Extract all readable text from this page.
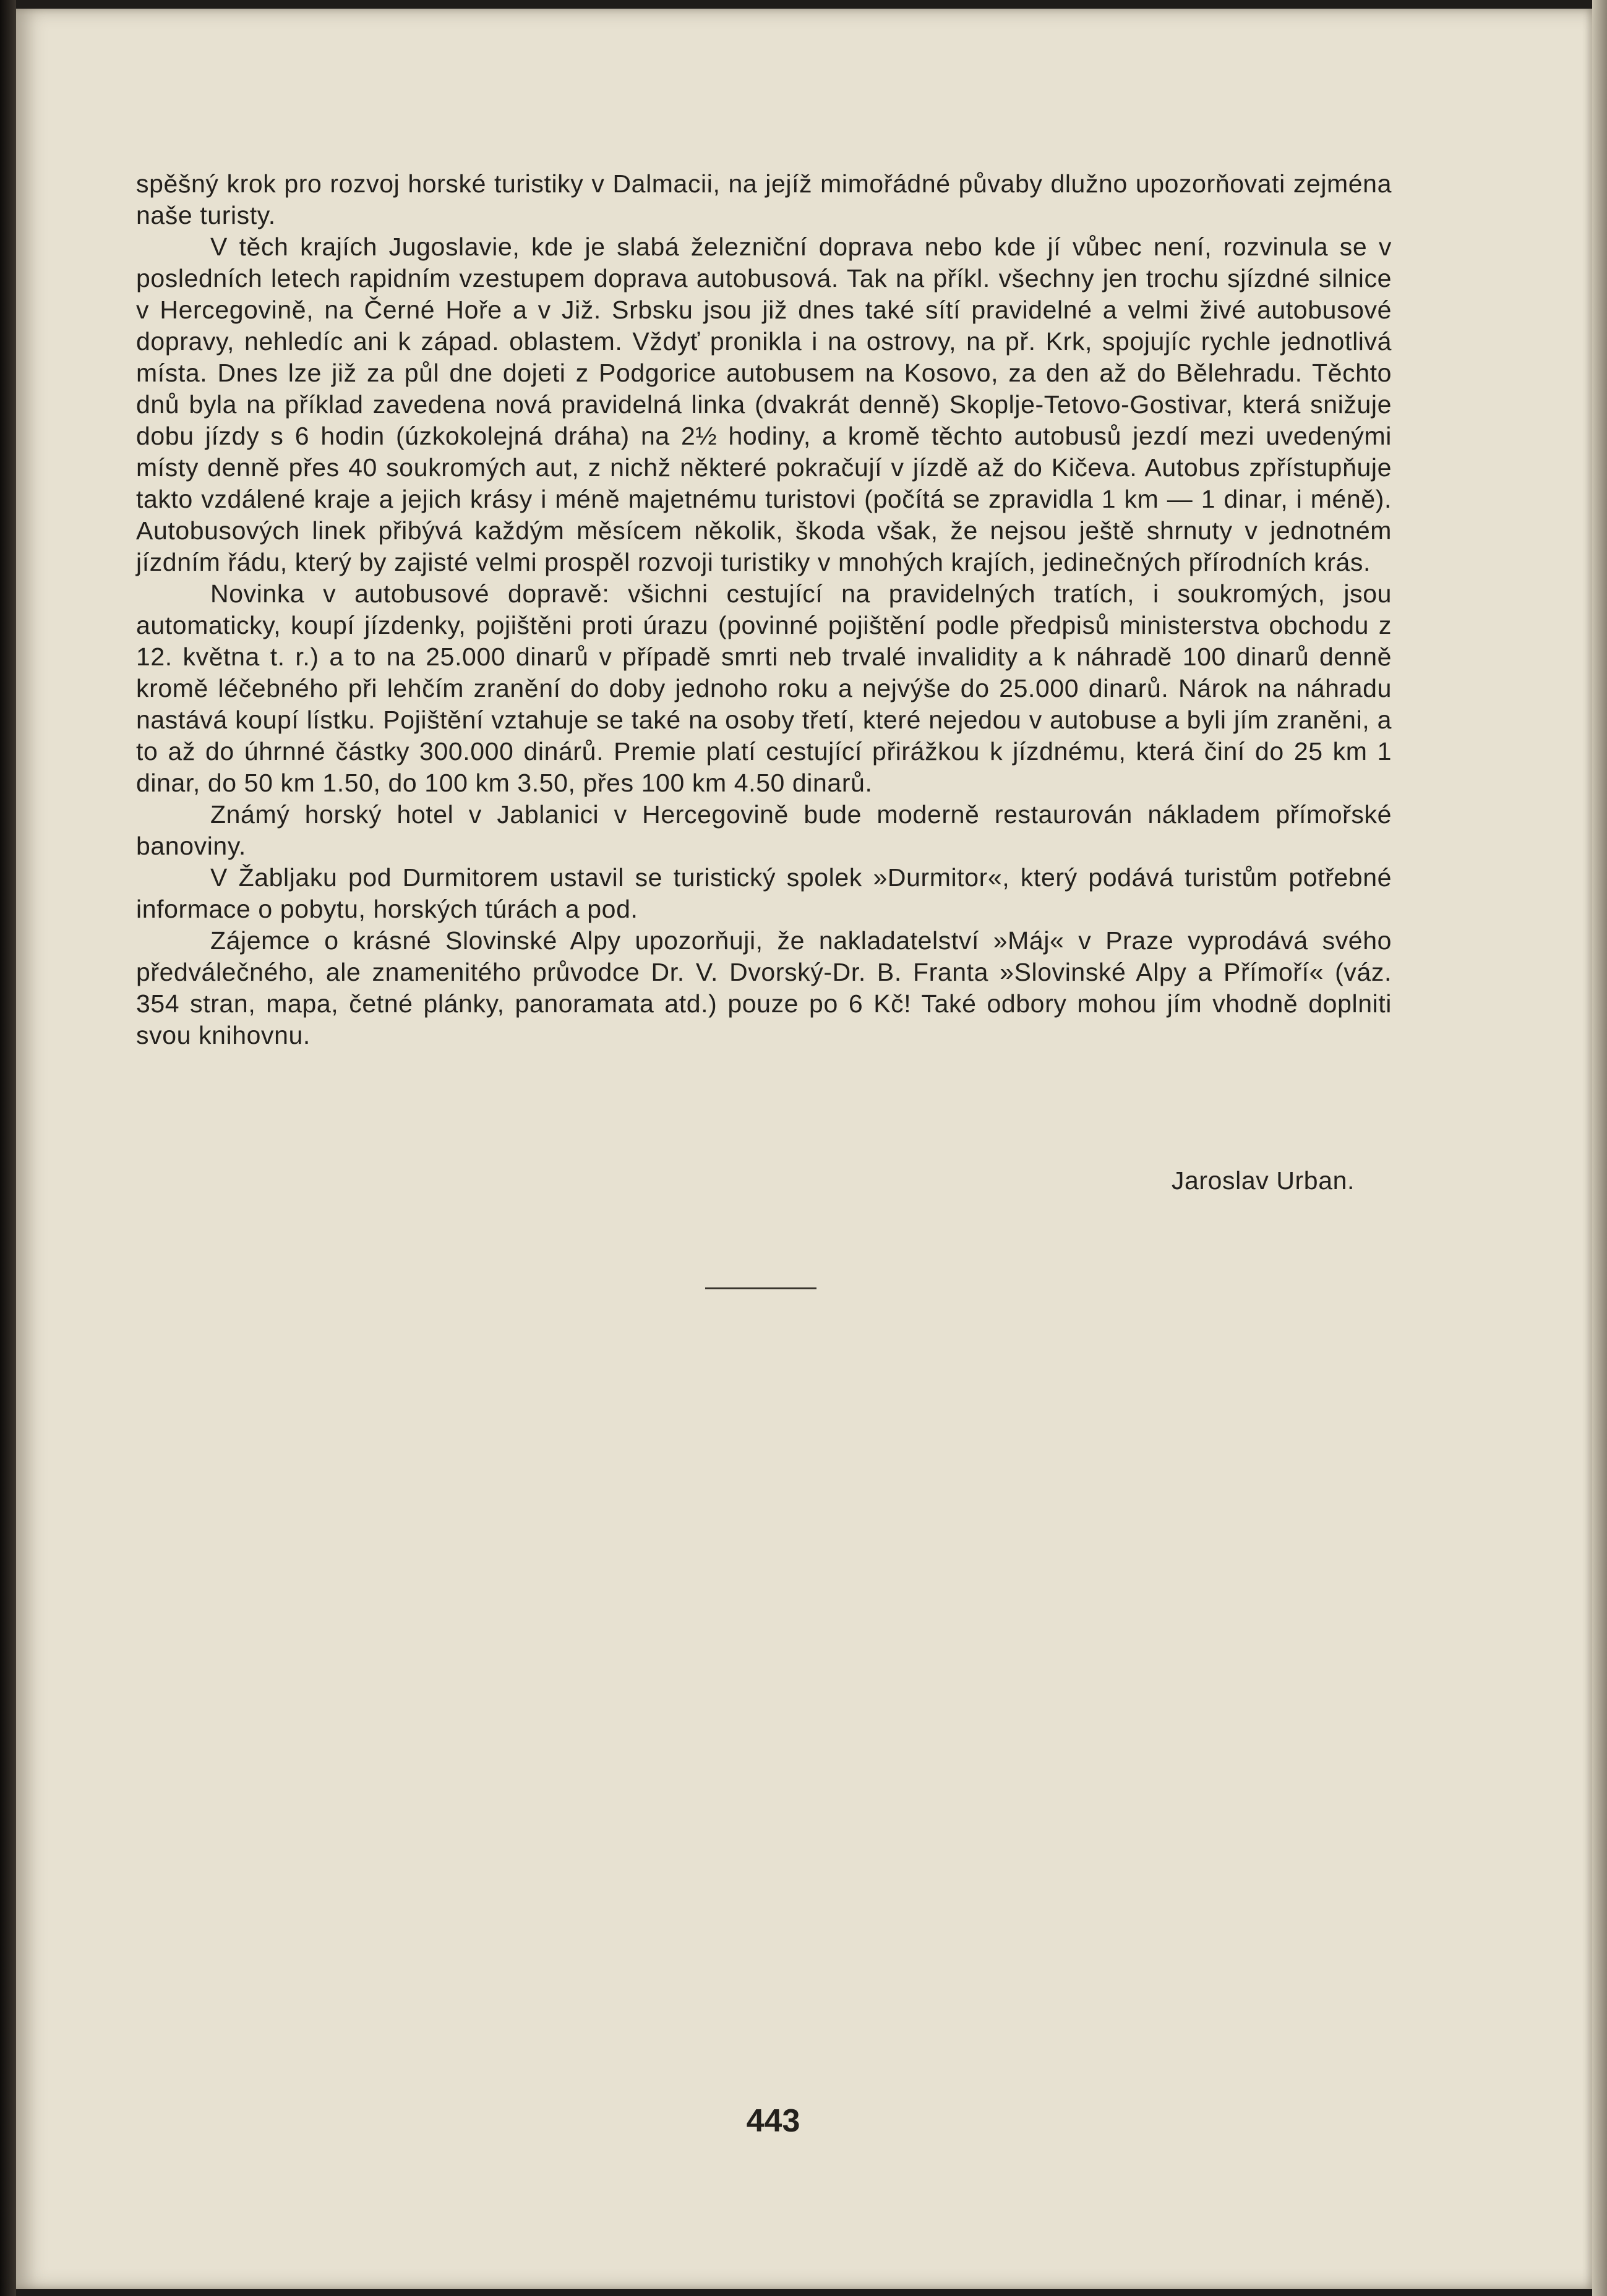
spěšný krok pro rozvoj horské turistiky v Dalmacii, na jejíž mimořádné půvaby dlužno upozorňovati zejména naše turisty.

V těch krajích Jugoslavie, kde je slabá železniční doprava nebo kde jí vůbec není, rozvinula se v posledních letech rapidním vzestupem doprava autobusová. Tak na příkl. všechny jen trochu sjízdné silnice v Hercegovině, na Černé Hoře a v Již. Srbsku jsou již dnes také sítí pravidelné a velmi živé autobusové dopravy, nehledíc ani k západ. oblastem. Vždyť pronikla i na ostrovy, na př. Krk, spojujíc rychle jednotlivá místa. Dnes lze již za půl dne dojeti z Podgorice autobusem na Kosovo, za den až do Bělehradu. Těchto dnů byla na příklad zavedena nová pravidelná linka (dvakrát denně) Skoplje-Tetovo-Gostivar, která snižuje dobu jízdy s 6 hodin (úzkokolejná dráha) na 2½ hodiny, a kromě těchto autobusů jezdí mezi uvedenými místy denně přes 40 soukromých aut, z nichž některé pokračují v jízdě až do Kičeva. Autobus zpřístupňuje takto vzdálené kraje a jejich krásy i méně majetnému turistovi (počítá se zpravidla 1 km — 1 dinar, i méně). Autobusových linek přibývá každým měsícem několik, škoda však, že nejsou ještě shrnuty v jednotném jízdním řádu, který by zajisté velmi prospěl rozvoji turistiky v mnohých krajích, jedinečných přírodních krás.

Novinka v autobusové dopravě: všichni cestující na pravidelných tratích, i soukromých, jsou automaticky, koupí jízdenky, pojištěni proti úrazu (povinné pojištění podle předpisů ministerstva obchodu z 12. května t. r.) a to na 25.000 dinarů v případě smrti neb trvalé invalidity a k náhradě 100 dinarů denně kromě léčebného při lehčím zranění do doby jednoho roku a nejvýše do 25.000 dinarů. Nárok na náhradu nastává koupí lístku. Pojištění vztahuje se také na osoby třetí, které nejedou v autobuse a byli jím zraněni, a to až do úhrnné částky 300.000 dinárů. Premie platí cestující přirážkou k jízdnému, která činí do 25 km 1 dinar, do 50 km 1.50, do 100 km 3.50, přes 100 km 4.50 dinarů.

Známý horský hotel v Jablanici v Hercegovině bude moderně restaurován nákladem přímořské banoviny.

V Žabljaku pod Durmitorem ustavil se turistický spolek »Durmitor«, který podává turistům potřebné informace o pobytu, horských túrách a pod.

Zájemce o krásné Slovinské Alpy upozorňuji, že nakladatelství »Máj« v Praze vyprodává svého předválečného, ale znamenitého průvodce Dr. V. Dvorský-Dr. B. Franta »Slovinské Alpy a Přímoří« (váz. 354 stran, mapa, četné plánky, panoramata atd.) pouze po 6 Kč! Také odbory mohou jím vhodně doplniti svou knihovnu.

Jaroslav Urban.
443
